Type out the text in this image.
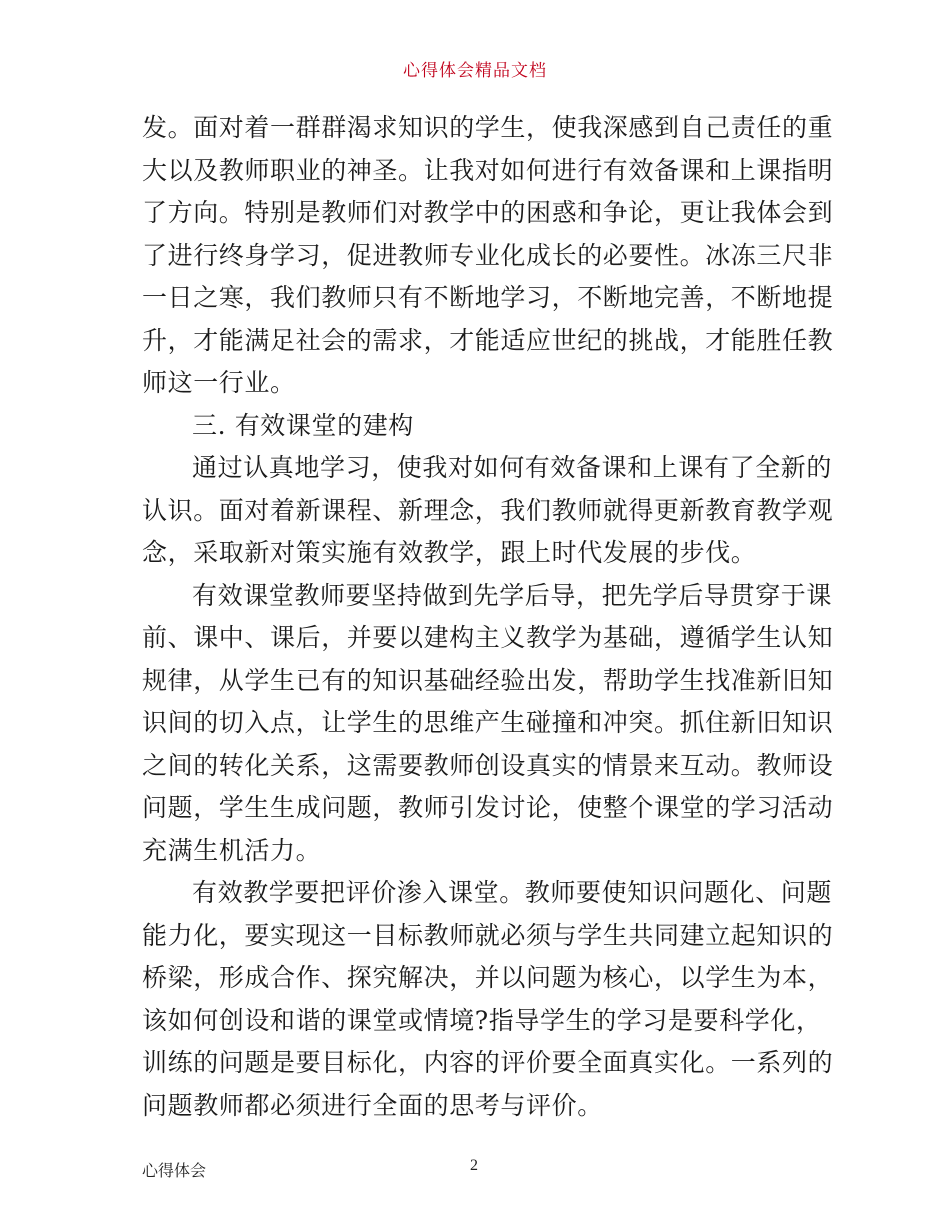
心得体会精品文档
发。面对着一群群渴求知识的学生，使我深感到自己责任的重
大以及教师职业的神圣。让我对如何进行有效备课和上课指明
了方向。特别是教师们对教学中的困惑和争论，更让我体会到
了进行终身学习，促进教师专业化成长的必要性。冰冻三尺非
一日之寒，我们教师只有不断地学习，不断地完善，不断地提
升，才能满足社会的需求，才能适应世纪的挑战，才能胜任教
师这一行业。
三. 有效课堂的建构
通过认真地学习，使我对如何有效备课和上课有了全新的
认识。面对着新课程、新理念，我们教师就得更新教育教学观
念，采取新对策实施有效教学，跟上时代发展的步伐。
有效课堂教师要坚持做到先学后导，把先学后导贯穿于课
前、课中、课后，并要以建构主义教学为基础，遵循学生认知
规律，从学生已有的知识基础经验出发，帮助学生找准新旧知
识间的切入点，让学生的思维产生碰撞和冲突。抓住新旧知识
之间的转化关系，这需要教师创设真实的情景来互动。教师设
问题，学生生成问题，教师引发讨论，使整个课堂的学习活动
充满生机活力。
有效教学要把评价渗入课堂。教师要使知识问题化、问题
能力化，要实现这一目标教师就必须与学生共同建立起知识的
桥梁，形成合作、探究解决，并以问题为核心，以学生为本，
该如何创设和谐的课堂或情境?指导学生的学习是要科学化，
训练的问题是要目标化，内容的评价要全面真实化。一系列的
问题教师都必须进行全面的思考与评价。
心得体会	2
